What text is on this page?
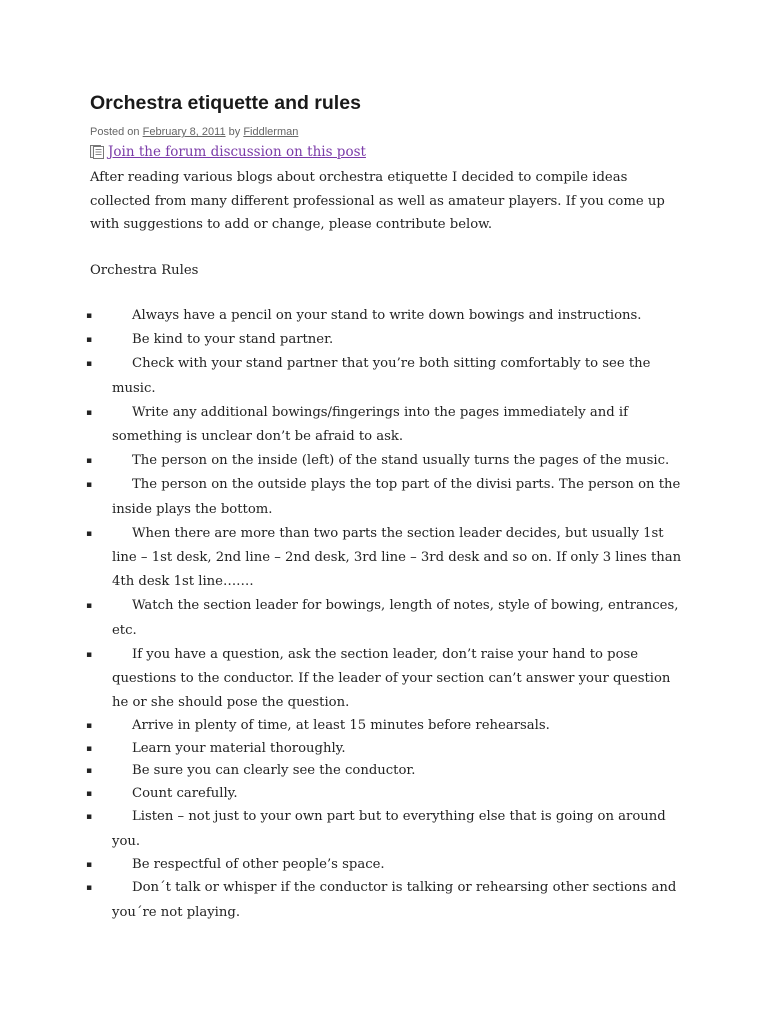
Orchestra etiquette and rules
Posted on February 8, 2011 by Fiddlerman
Join the forum discussion on this post

After reading various blogs about orchestra etiquette I decided to compile ideas collected from many different professional as well as amateur players. If you come up with suggestions to add or change, please contribute below.

Orchestra Rules

▪	Always have a pencil on your stand to write down bowings and instructions.
▪	Be kind to your stand partner.
▪	Check with your stand partner that you’re both sitting comfortably to see the music.
▪	Write any additional bowings/fingerings into the pages immediately and if something is unclear don’t be afraid to ask.
▪	The person on the inside (left) of the stand usually turns the pages of the music.
▪	The person on the outside plays the top part of the divisi parts. The person on the inside plays the bottom.
▪	When there are more than two parts the section leader decides, but usually 1st line – 1st desk, 2nd line – 2nd desk, 3rd line – 3rd desk and so on. If only 3 lines than 4th desk 1st line…….
▪	Watch the section leader for bowings, length of notes, style of bowing, entrances, etc.
▪	If you have a question, ask the section leader, don’t raise your hand to pose questions to the conductor. If the leader of your section can’t answer your question he or she should pose the question.
▪	Arrive in plenty of time, at least 15 minutes before rehearsals.
▪	Learn your material thoroughly.
▪	Be sure you can clearly see the conductor.
▪	Count carefully.
▪	Listen – not just to your own part but to everything else that is going on around you.
▪	Be respectful of other people’s space.
▪	Don´t talk or whisper if the conductor is talking or rehearsing other sections and you´re not playing.
